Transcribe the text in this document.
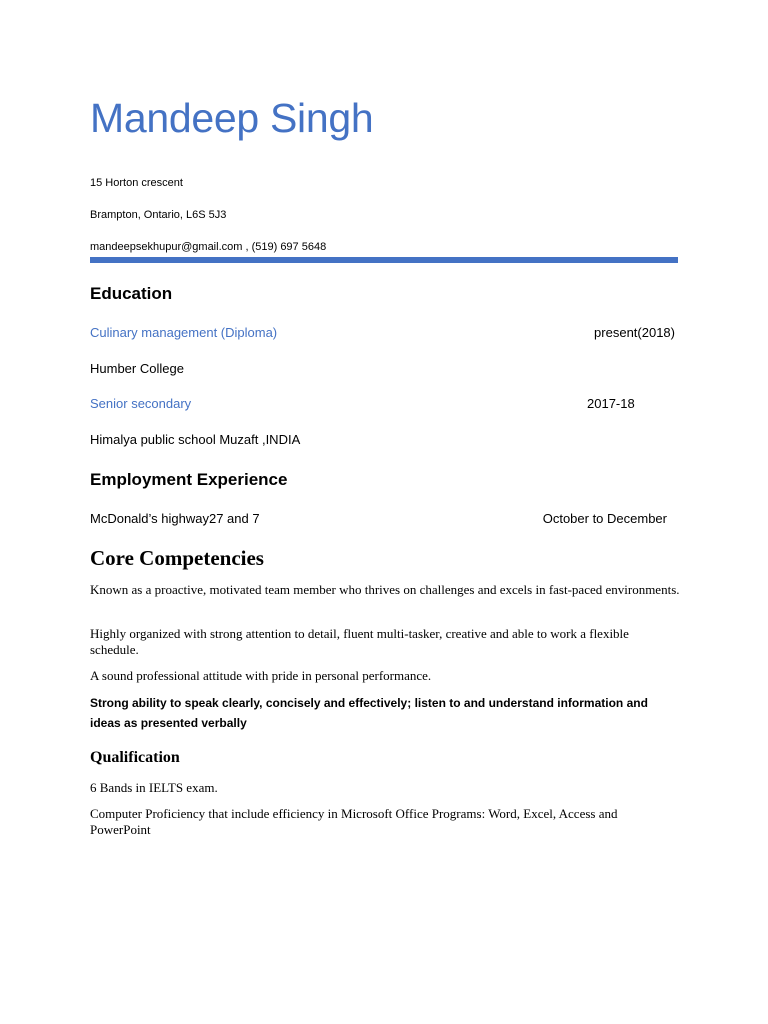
Mandeep Singh
15 Horton crescent
Brampton, Ontario, L6S 5J3
mandeepsekhupur@gmail.com , (519) 697 5648
Education
Culinary management (Diploma)	present(2018)
Humber College
Senior secondary	2017-18
Himalya public school Muzaft ,INDIA
Employment Experience
McDonald’s highway27 and 7	October to December
Core Competencies
Known as a proactive, motivated team member who thrives on challenges and excels in fast-paced environments.
Highly organized with strong attention to detail, fluent multi-tasker, creative and able to work a flexible schedule.
A sound professional attitude with pride in personal performance.
Strong ability to speak clearly, concisely and effectively; listen to and understand information and ideas as presented verbally
Qualification
6 Bands in IELTS exam.
Computer Proficiency that include efficiency in Microsoft Office Programs: Word, Excel, Access and PowerPoint
